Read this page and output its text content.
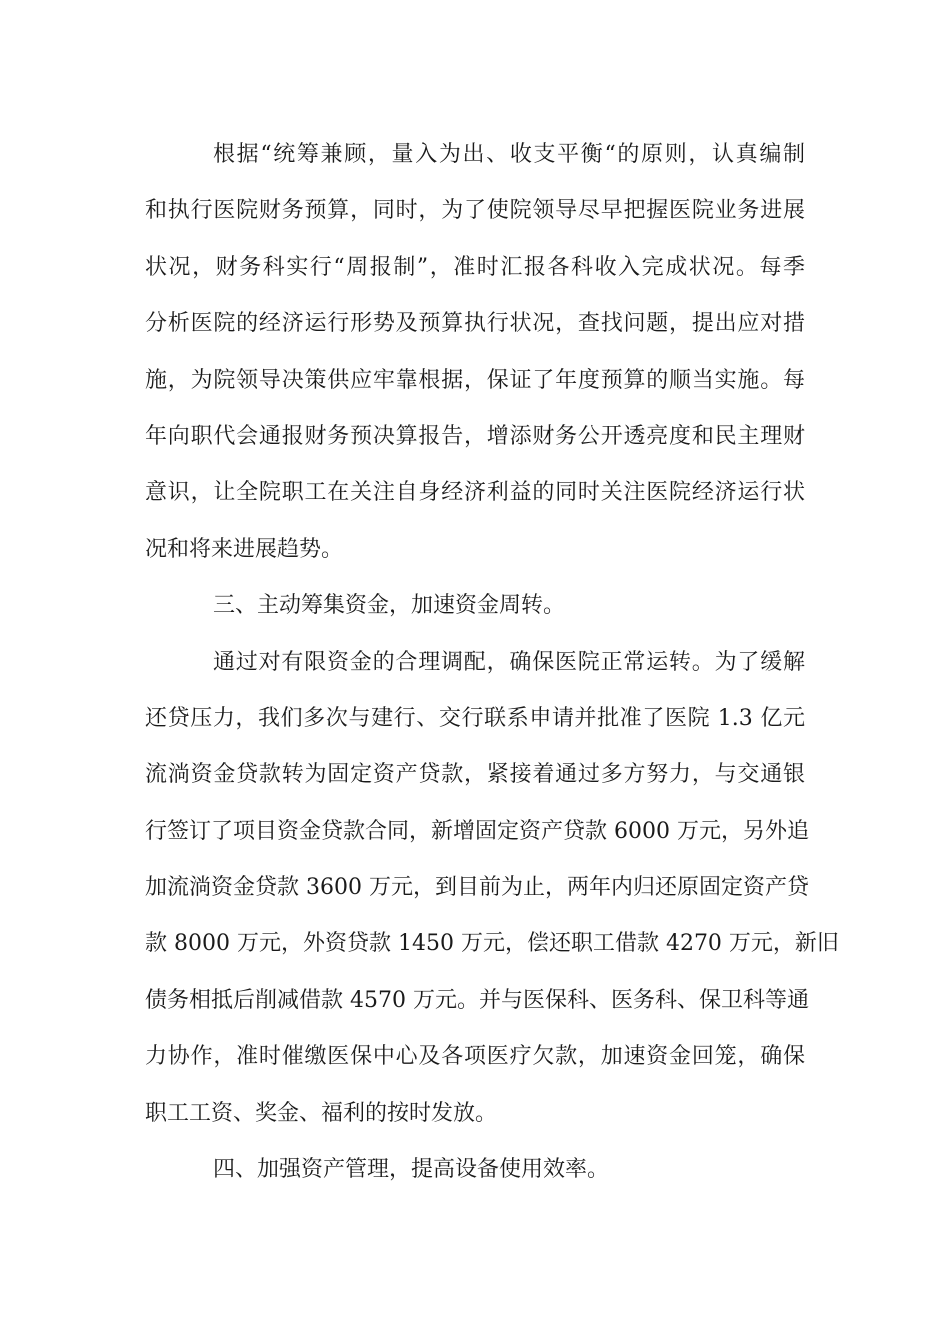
根据“统筹兼顾，量入为出、收支平衡“的原则，认真编制
和执行医院财务预算，同时，为了使院领导尽早把握医院业务进展
状况，财务科实行“周报制”，准时汇报各科收入完成状况。每季
分析医院的经济运行形势及预算执行状况，查找问题，提出应对措
施，为院领导决策供应牢靠根据，保证了年度预算的顺当实施。每
年向职代会通报财务预决算报告，增添财务公开透亮度和民主理财
意识，让全院职工在关注自身经济利益的同时关注医院经济运行状
况和将来进展趋势。
三、主动筹集资金，加速资金周转。
通过对有限资金的合理调配，确保医院正常运转。为了缓解
还贷压力，我们多次与建行、交行联系申请并批准了医院 1.3 亿元
流淌资金贷款转为固定资产贷款，紧接着通过多方努力，与交通银
行签订了项目资金贷款合同，新增固定资产贷款 6000 万元，另外追
加流淌资金贷款 3600 万元，到目前为止，两年内归还原固定资产贷
款 8000 万元，外资贷款 1450 万元，偿还职工借款 4270 万元，新旧
债务相抵后削减借款 4570 万元。并与医保科、医务科、保卫科等通
力协作，准时催缴医保中心及各项医疗欠款，加速资金回笼，确保
职工工资、奖金、福利的按时发放。
四、加强资产管理，提高设备使用效率。
